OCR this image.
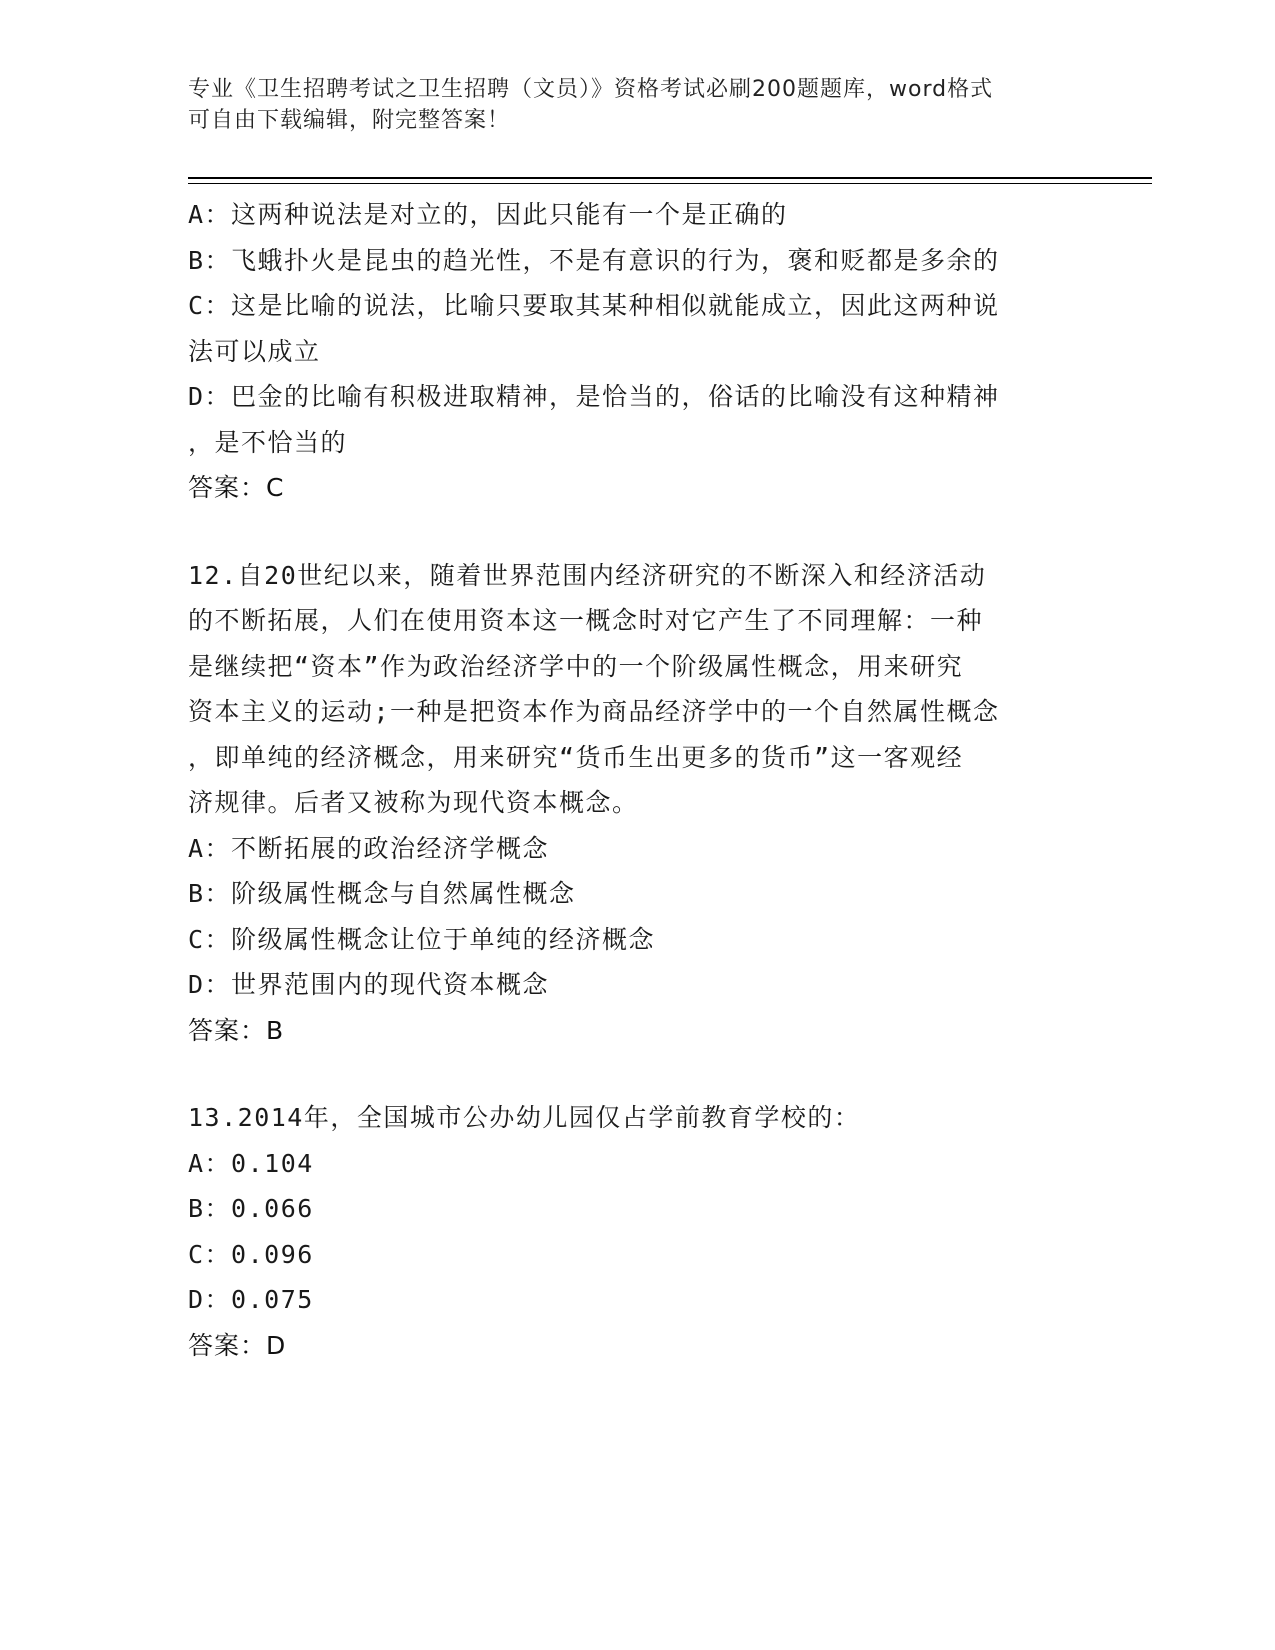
专业《卫生招聘考试之卫生招聘（文员）》资格考试必刷200题题库，word格式
可自由下载编辑，附完整答案！
A：这两种说法是对立的，因此只能有一个是正确的
B：飞蛾扑火是昆虫的趋光性，不是有意识的行为，褒和贬都是多余的
C：这是比喻的说法，比喻只要取其某种相似就能成立，因此这两种说
法可以成立
D：巴金的比喻有积极进取精神，是恰当的，俗话的比喻没有这种精神
，是不恰当的
答案：C
12.自20世纪以来，随着世界范围内经济研究的不断深入和经济活动
的不断拓展，人们在使用资本这一概念时对它产生了不同理解：一种
是继续把“资本”作为政治经济学中的一个阶级属性概念，用来研究
资本主义的运动;一种是把资本作为商品经济学中的一个自然属性概念
，即单纯的经济概念，用来研究“货币生出更多的货币”这一客观经
济规律。后者又被称为现代资本概念。
A：不断拓展的政治经济学概念
B：阶级属性概念与自然属性概念
C：阶级属性概念让位于单纯的经济概念
D：世界范围内的现代资本概念
答案：B
13.2014年，全国城市公办幼儿园仅占学前教育学校的：
A：0.104
B：0.066
C：0.096
D：0.075
答案：D
